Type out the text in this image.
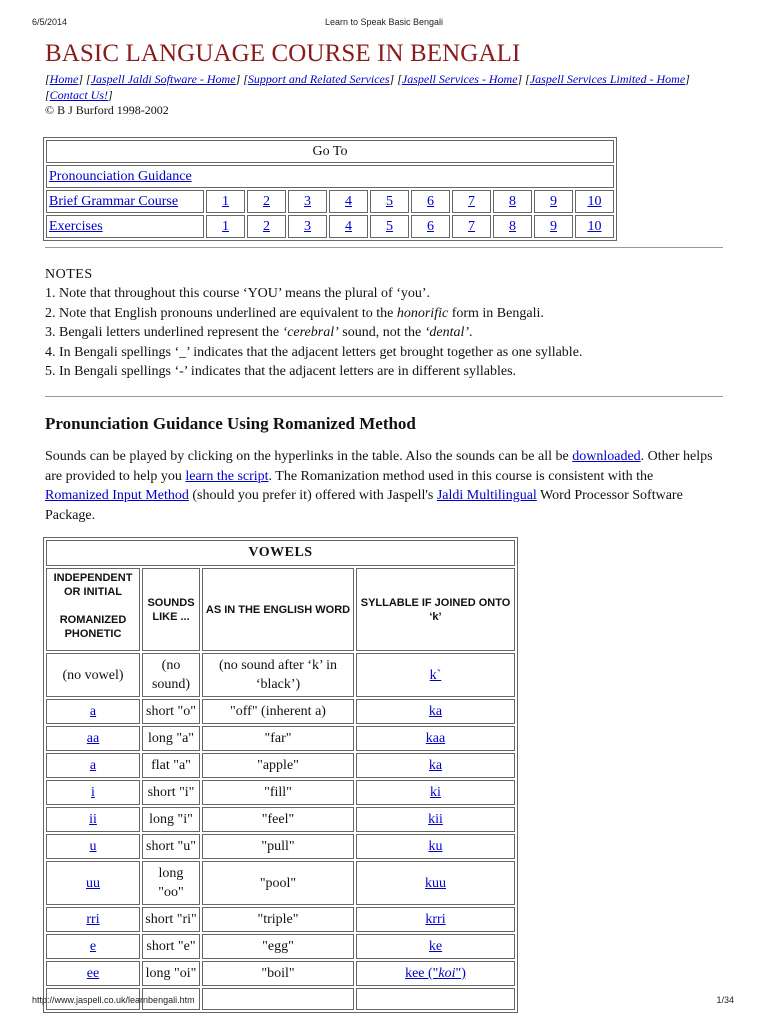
6/5/2014	Learn to Speak Basic Bengali
BASIC LANGUAGE COURSE IN BENGALI
[Home] [Jaspell Jaldi Software - Home] [Support and Related Services] [Jaspell Services - Home] [Jaspell Services Limited - Home]
[Contact Us!]
© B J Burford 1998-2002
Go To										
Pronounciation Guidance										
Brief Grammar Course	1	2	3	4	5	6	7	8	9	10
Exercises	1	2	3	4	5	6	7	8	9	10
NOTES
1. Note that throughout this course ‘YOU’ means the plural of ‘you’.
2. Note that English pronouns underlined are equivalent to the honorific form in Bengali.
3. Bengali letters underlined represent the ‘cerebral’ sound, not the ‘dental’.
4. In Bengali spellings ‘_’ indicates that the adjacent letters get brought together as one syllable.
5. In Bengali spellings ‘-’ indicates that the adjacent letters are in different syllables.
Pronunciation Guidance Using Romanized Method
Sounds can be played by clicking on the hyperlinks in the table. Also the sounds can be all be downloaded. Other helps are provided to help you learn the script. The Romanization method used in this course is consistent with the Romanized Input Method (should you prefer it) offered with Jaspell's Jaldi Multilingual Word Processor Software Package.
VOWELS			
INDEPENDENT OR INITIAL

ROMANIZED PHONETIC	SOUNDS LIKE ...	AS IN THE ENGLISH WORD	SYLLABLE IF JOINED ONTO ‘k’
(no vowel)	(no sound)	(no sound after ‘k’ in ‘black’)	k`
a	short "o"	"off" (inherent a)	ka
aa	long "a"	"far"	kaa
a	flat "a"	"apple"	ka
i	short "i"	"fill"	ki
ii	long "i"	"feel"	kii
u	short "u"	"pull"	ku
uu	long "oo"	"pool"	kuu
rri	short "ri"	"triple"	krri
e	short "e"	"egg"	ke
ee	long "oi"	"boil"	kee ("koi")

http://www.jaspell.co.uk/learnbengali.htm	1/34
